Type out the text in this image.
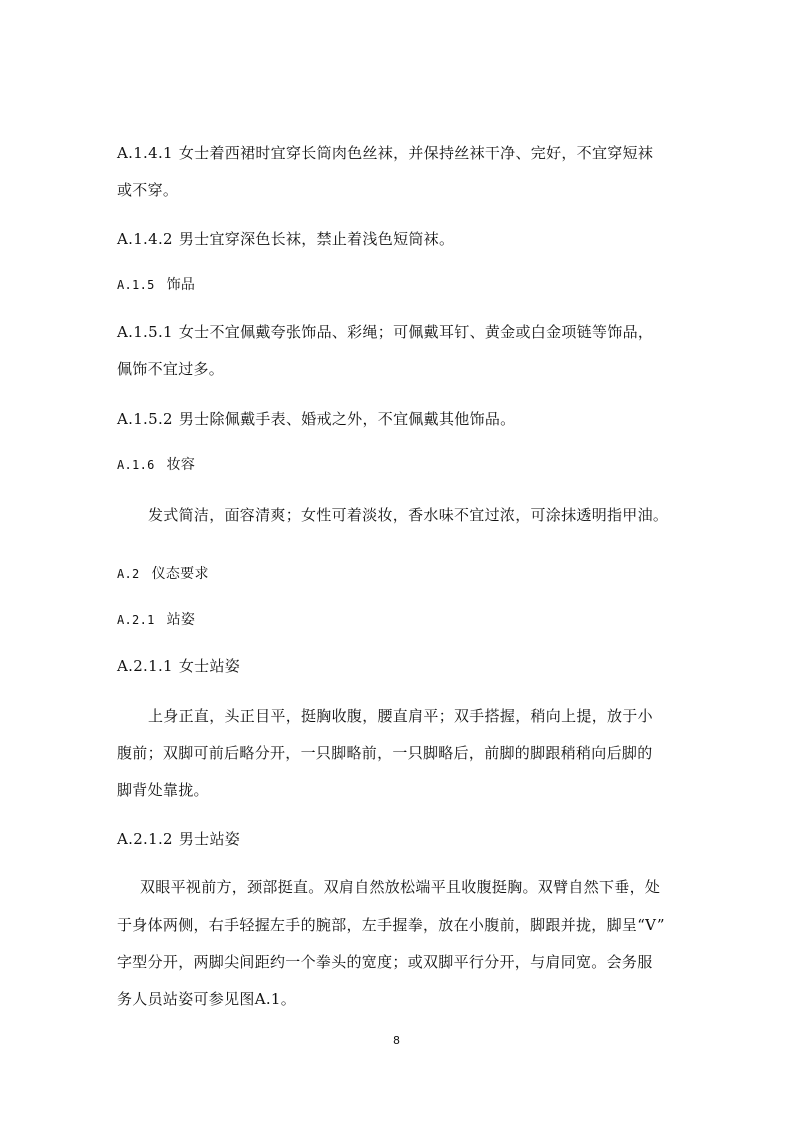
A.1.4.1 女士着西裙时宜穿长筒肉色丝袜，并保持丝袜干净、完好，不宜穿短袜
或不穿。
A.1.4.2 男士宜穿深色长袜，禁止着浅色短筒袜。
A.1.5 饰品
A.1.5.1 女士不宜佩戴夸张饰品、彩绳；可佩戴耳钉、黄金或白金项链等饰品，
佩饰不宜过多。
A.1.5.2 男士除佩戴手表、婚戒之外，不宜佩戴其他饰品。
A.1.6 妆容
发式简洁，面容清爽；女性可着淡妆，香水味不宜过浓，可涂抹透明指甲油。
A.2 仪态要求
A.2.1 站姿
A.2.1.1 女士站姿
上身正直，头正目平，挺胸收腹，腰直肩平；双手搭握，稍向上提，放于小
腹前；双脚可前后略分开，一只脚略前，一只脚略后，前脚的脚跟稍稍向后脚的
脚背处靠拢。
A.2.1.2 男士站姿
双眼平视前方，颈部挺直。双肩自然放松端平且收腹挺胸。双臂自然下垂，处
于身体两侧，右手轻握左手的腕部，左手握拳，放在小腹前，脚跟并拢，脚呈“V”
字型分开，两脚尖间距约一个拳头的宽度；或双脚平行分开，与肩同宽。会务服
务人员站姿可参见图A.1。
8
